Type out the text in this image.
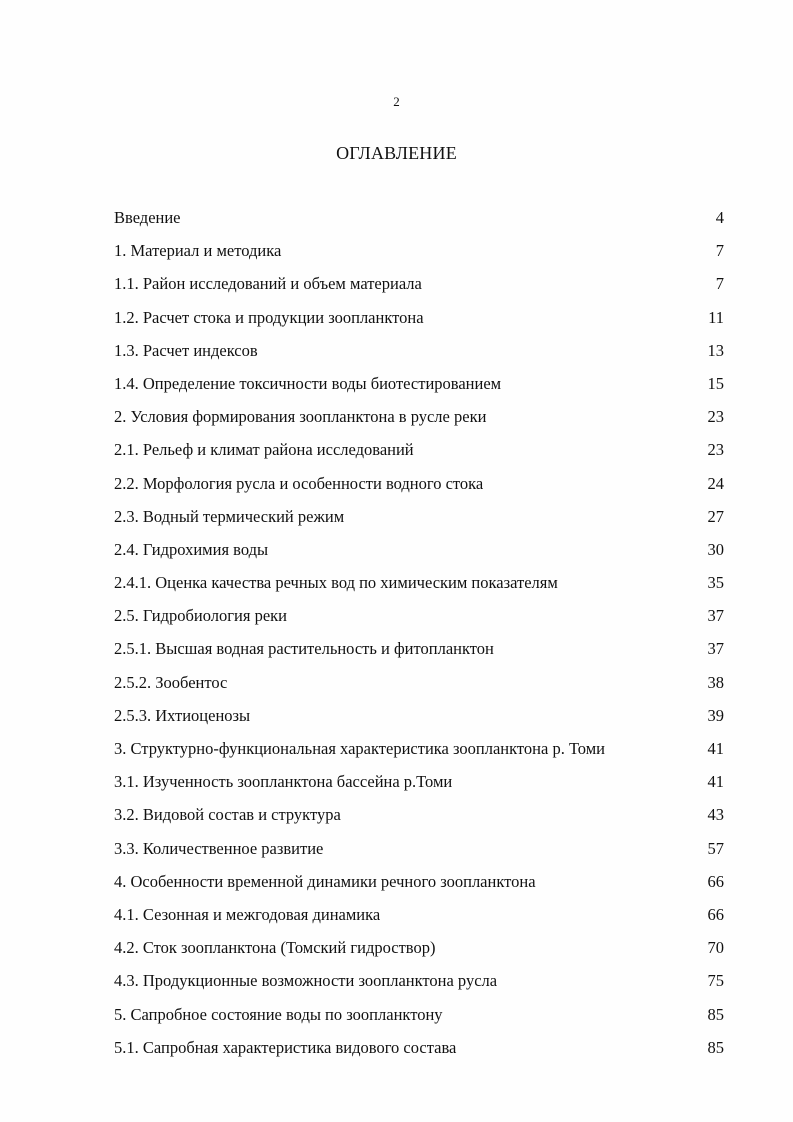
2
ОГЛАВЛЕНИЕ
Введение	4
1. Материал и методика	7
1.1. Район исследований и объем материала	7
1.2. Расчет стока и продукции зоопланктона	11
1.3. Расчет индексов	13
1.4. Определение токсичности воды биотестированием	15
2. Условия формирования зоопланктона в русле реки	23
2.1. Рельеф и климат района исследований	23
2.2. Морфология русла и особенности водного стока	24
2.3. Водный термический режим	27
2.4. Гидрохимия воды	30
2.4.1. Оценка качества речных вод по химическим показателям	35
2.5. Гидробиология реки	37
2.5.1. Высшая водная растительность и фитопланктон	37
2.5.2. Зообентос	38
2.5.3. Ихтиоценозы	39
3. Структурно-функциональная характеристика зоопланктона р. Томи	41
3.1. Изученность зоопланктона бассейна р.Томи	41
3.2. Видовой состав и структура	43
3.3. Количественное развитие	57
4. Особенности временной динамики речного зоопланктона	66
4.1. Сезонная и межгодовая динамика	66
4.2. Сток зоопланктона (Томский гидроствор)	70
4.3. Продукционные возможности зоопланктона русла	75
5. Сапробное состояние воды по зоопланктону	85
5.1. Сапробная характеристика видового состава	85
